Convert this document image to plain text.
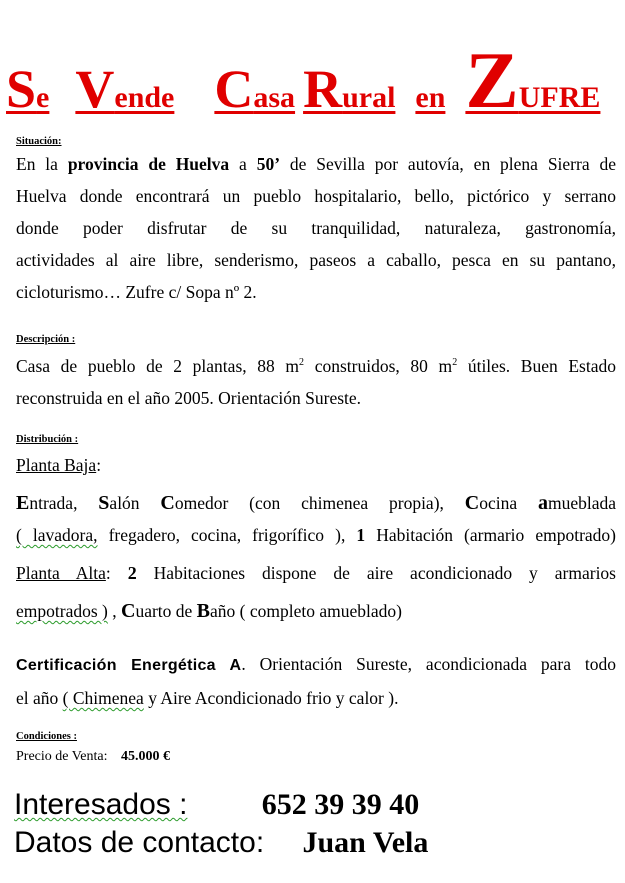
Se Vende Casa Rural en ZUFRE
Situación:
En la provincia de Huelva a 50’ de Sevilla por autovía, en plena Sierra de
Huelva donde encontrará un pueblo hospitalario, bello, pictórico y serrano
donde poder disfrutar de su tranquilidad, naturaleza, gastronomía,
actividades al aire libre, senderismo, paseos a caballo, pesca en su pantano,
cicloturismo… Zufre c/ Sopa nº 2.
Descripción :
Casa de pueblo de 2 plantas, 88 $m^2$ construidos, 80 $m^2$ útiles. Buen Estado
reconstruida en el año 2005. Orientación Sureste.
Distribución :
Planta Baja:
Entrada, Salón Comedor (con chimenea propia), Cocina amueblada
( lavadora, fregadero, cocina, frigorífico ), 1 Habitación (armario empotrado)
Planta Alta: 2 Habitaciones dispone de aire acondicionado y armarios
empotrados ) , Cuarto de Baño ( completo amueblado)
Certificación Energética A. Orientación Sureste, acondicionada para todo
el año ( Chimenea y Aire Acondicionado frio y calor ).
Condiciones :
Precio de Venta: 45.000 €
Interesados : 652 39 39 40
Datos de contacto: Juan Vela
